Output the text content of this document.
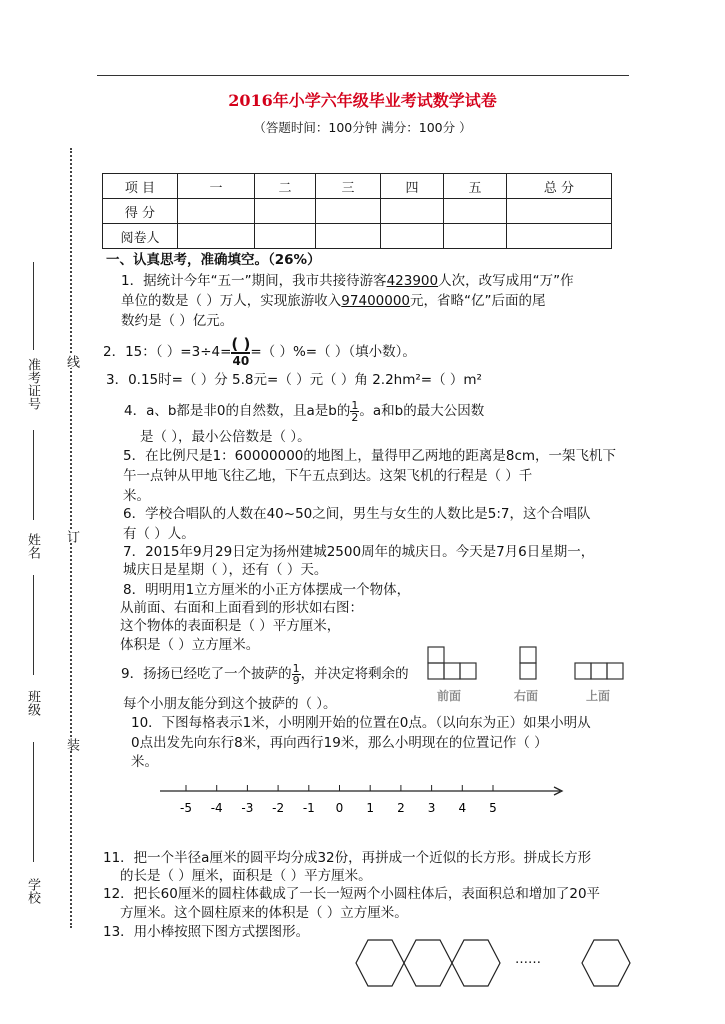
2016年小学六年级毕业考试数学试卷
（答题时间：100分钟 满分：100分 ）
准考证号
姓名
班级
学校
线
订
装
项 目	一	二	三	四	五	总 分
得 分						
阅卷人						
一、认真思考，准确填空。（26%）
1．据统计今年“五一”期间，我市共接待游客423900人次，改写成用“万”作
单位的数是（ ）万人，实现旅游收入97400000元，省略“亿”后面的尾
数约是（ ）亿元。
2．15：（ ）$=3\div 4= \frac{( )}{40}$ =（ ）%=（ ）（填小数）。
3．0.15时=（ ）分 5.8元=（ ）元（ ）角 2.2hm²=（ ）m²
4．a、b都是非0的自然数，且a是b的 $\frac{1}{2}$ 。a和b的最大公因数
是（ ），最小公倍数是（ ）。
5．在比例尺是1：60000000的地图上，量得甲乙两地的距离是8cm，一架飞机下
午一点钟从甲地飞往乙地，下午五点到达。这架飞机的行程是（ ）千
米。
6．学校合唱队的人数在40~50之间，男生与女生的人数比是5:7，这个合唱队
有（ ）人。
7．2015年9月29日定为扬州建城2500周年的城庆日。今天是7月6日星期一，
城庆日是星期（ ），还有（ ）天。
8．明明用1立方厘米的小正方体摆成一个物体，
从前面、右面和上面看到的形状如右图：
这个物体的表面积是（ ）平方厘米，
体积是（ ）立方厘米。
9．扬扬已经吃了一个披萨的 $\frac{1}{9}$ ，并决定将剩余的
每个小朋友能分到这个披萨的（ ）。	前面	右面	上面
10．下图每格表示1米，小明刚开始的位置在0点。（以向东为正）如果小明从
0点出发先向东行8米，再向西行19米，那么小明现在的位置记作（ ）
米。
-5 -4 -3 -2 -1 0 1 2 3 4 5
11．把一个半径a厘米的圆平均分成32份，再拼成一个近似的长方形。拼成长方形
的长是（ ）厘米，面积是（ ）平方厘米。
12．把长60厘米的圆柱体截成了一长一短两个小圆柱体后，表面积总和增加了20平
方厘米。这个圆柱原来的体积是（ ）立方厘米。
13．用小棒按照下图方式摆图形。
……
